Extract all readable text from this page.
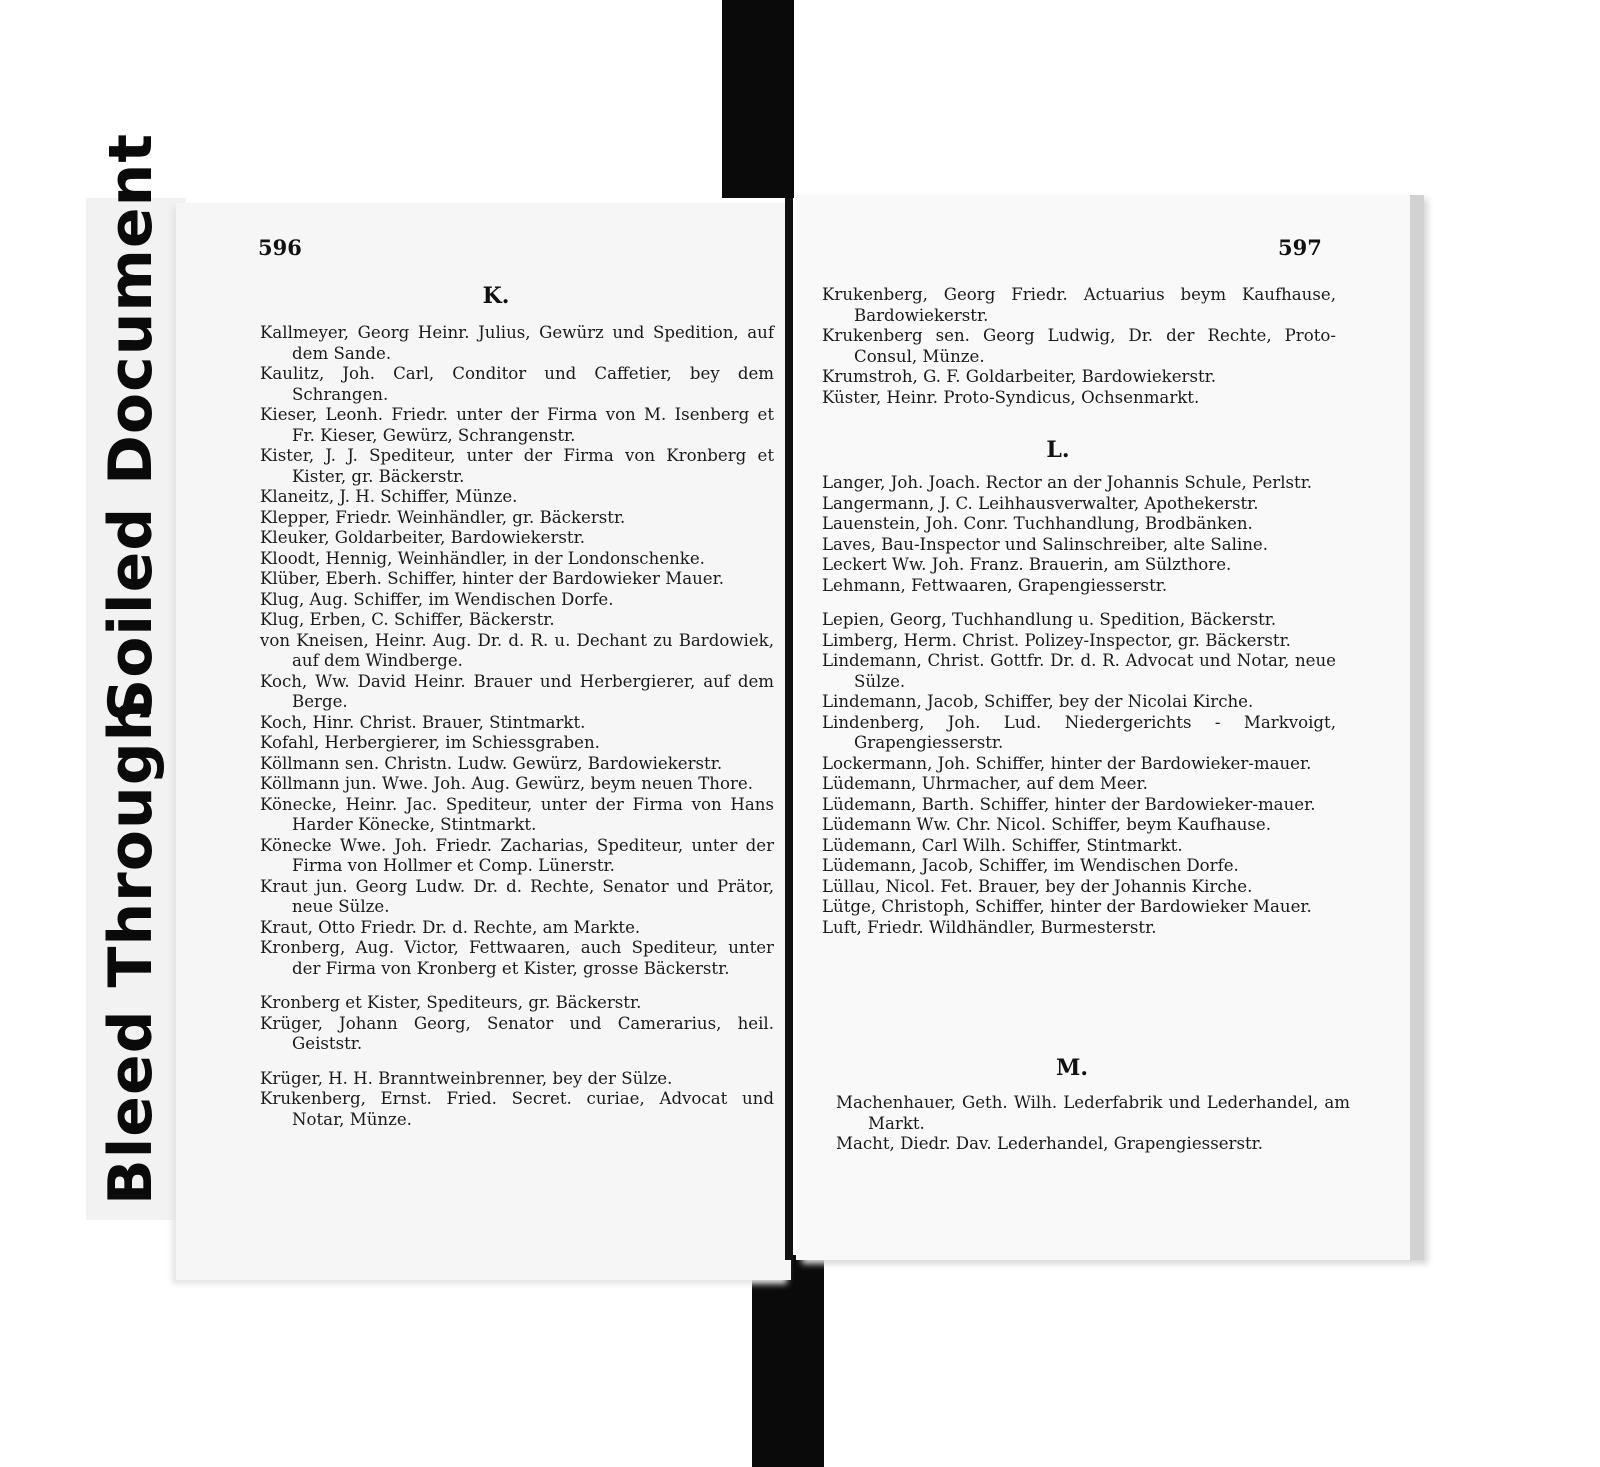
Bleed Through
Soiled Document	596
K.
Kallmeyer, Georg Heinr. Julius, Gewürz und Spedition, auf dem Sande.
Kaulitz, Joh. Carl, Conditor und Caffetier, bey dem Schrangen.
Kieser, Leonh. Friedr. unter der Firma von M. Isenberg et Fr. Kieser, Gewürz, Schrangenstr.
Kister, J. J. Spediteur, unter der Firma von Kronberg et Kister, gr. Bäckerstr.
Klaneitz, J. H. Schiffer, Münze.
Klepper, Friedr. Weinhändler, gr. Bäckerstr.
Kleuker, Goldarbeiter, Bardowiekerstr.
Kloodt, Hennig, Weinhändler, in der Londonschenke.
Klüber, Eberh. Schiffer, hinter der Bardowieker Mauer.
Klug, Aug. Schiffer, im Wendischen Dorfe.
Klug, Erben, C. Schiffer, Bäckerstr.
von Kneisen, Heinr. Aug. Dr. d. R. u. Dechant zu Bardowiek, auf dem Windberge.
Koch, Ww. David Heinr. Brauer und Herbergierer, auf dem Berge.
Koch, Hinr. Christ. Brauer, Stintmarkt.
Kofahl, Herbergierer, im Schiessgraben.
Köllmann sen. Christn. Ludw. Gewürz, Bardowiekerstr.
Köllmann jun. Wwe. Joh. Aug. Gewürz, beym neuen Thore.
Könecke, Heinr. Jac. Spediteur, unter der Firma von Hans Harder Könecke, Stintmarkt.
Könecke Wwe. Joh. Friedr. Zacharias, Spediteur, unter der Firma von Hollmer et Comp. Lünerstr.
Kraut jun. Georg Ludw. Dr. d. Rechte, Senator und Prätor, neue Sülze.
Kraut, Otto Friedr. Dr. d. Rechte, am Markte.
Kronberg, Aug. Victor, Fettwaaren, auch Spediteur, unter der Firma von Kronberg et Kister, grosse Bäckerstr.
Kronberg et Kister, Spediteurs, gr. Bäckerstr.
Krüger, Johann Georg, Senator und Camerarius, heil. Geiststr.
Krüger, H. H. Branntweinbrenner, bey der Sülze.
Krukenberg, Ernst. Fried. Secret. curiae, Advocat und Notar, Münze.
597
Krukenberg, Georg Friedr. Actuarius beym Kaufhause, Bardowiekerstr.
Krukenberg sen. Georg Ludwig, Dr. der Rechte, Proto-Consul, Münze.
Krumstroh, G. F. Goldarbeiter, Bardowiekerstr.
Küster, Heinr. Proto-Syndicus, Ochsenmarkt.
L.
Langer, Joh. Joach. Rector an der Johannis Schule, Perlstr.
Langermann, J. C. Leihhausverwalter, Apothekerstr.
Lauenstein, Joh. Conr. Tuchhandlung, Brodbänken.
Laves, Bau-Inspector und Salinschreiber, alte Saline.
Leckert Ww. Joh. Franz. Brauerin, am Sülzthore.
Lehmann, Fettwaaren, Grapengiesserstr.
Lepien, Georg, Tuchhandlung u. Spedition, Bäckerstr.
Limberg, Herm. Christ. Polizey-Inspector, gr. Bäckerstr.
Lindemann, Christ. Gottfr. Dr. d. R. Advocat und Notar, neue Sülze.
Lindemann, Jacob, Schiffer, bey der Nicolai Kirche.
Lindenberg, Joh. Lud. Niedergerichts - Markvoigt, Grapengiesserstr.
Lockermann, Joh. Schiffer, hinter der Bardowieker-mauer.
Lüdemann, Uhrmacher, auf dem Meer.
Lüdemann, Barth. Schiffer, hinter der Bardowieker-mauer.
Lüdemann Ww. Chr. Nicol. Schiffer, beym Kaufhause.
Lüdemann, Carl Wilh. Schiffer, Stintmarkt.
Lüdemann, Jacob, Schiffer, im Wendischen Dorfe.
Lüllau, Nicol. Fet. Brauer, bey der Johannis Kirche.
Lütge, Christoph, Schiffer, hinter der Bardowieker Mauer.
Luft, Friedr. Wildhändler, Burmesterstr.
M.
Machenhauer, Geth. Wilh. Lederfabrik und Lederhandel, am Markt.
Macht, Diedr. Dav. Lederhandel, Grapengiesserstr.
